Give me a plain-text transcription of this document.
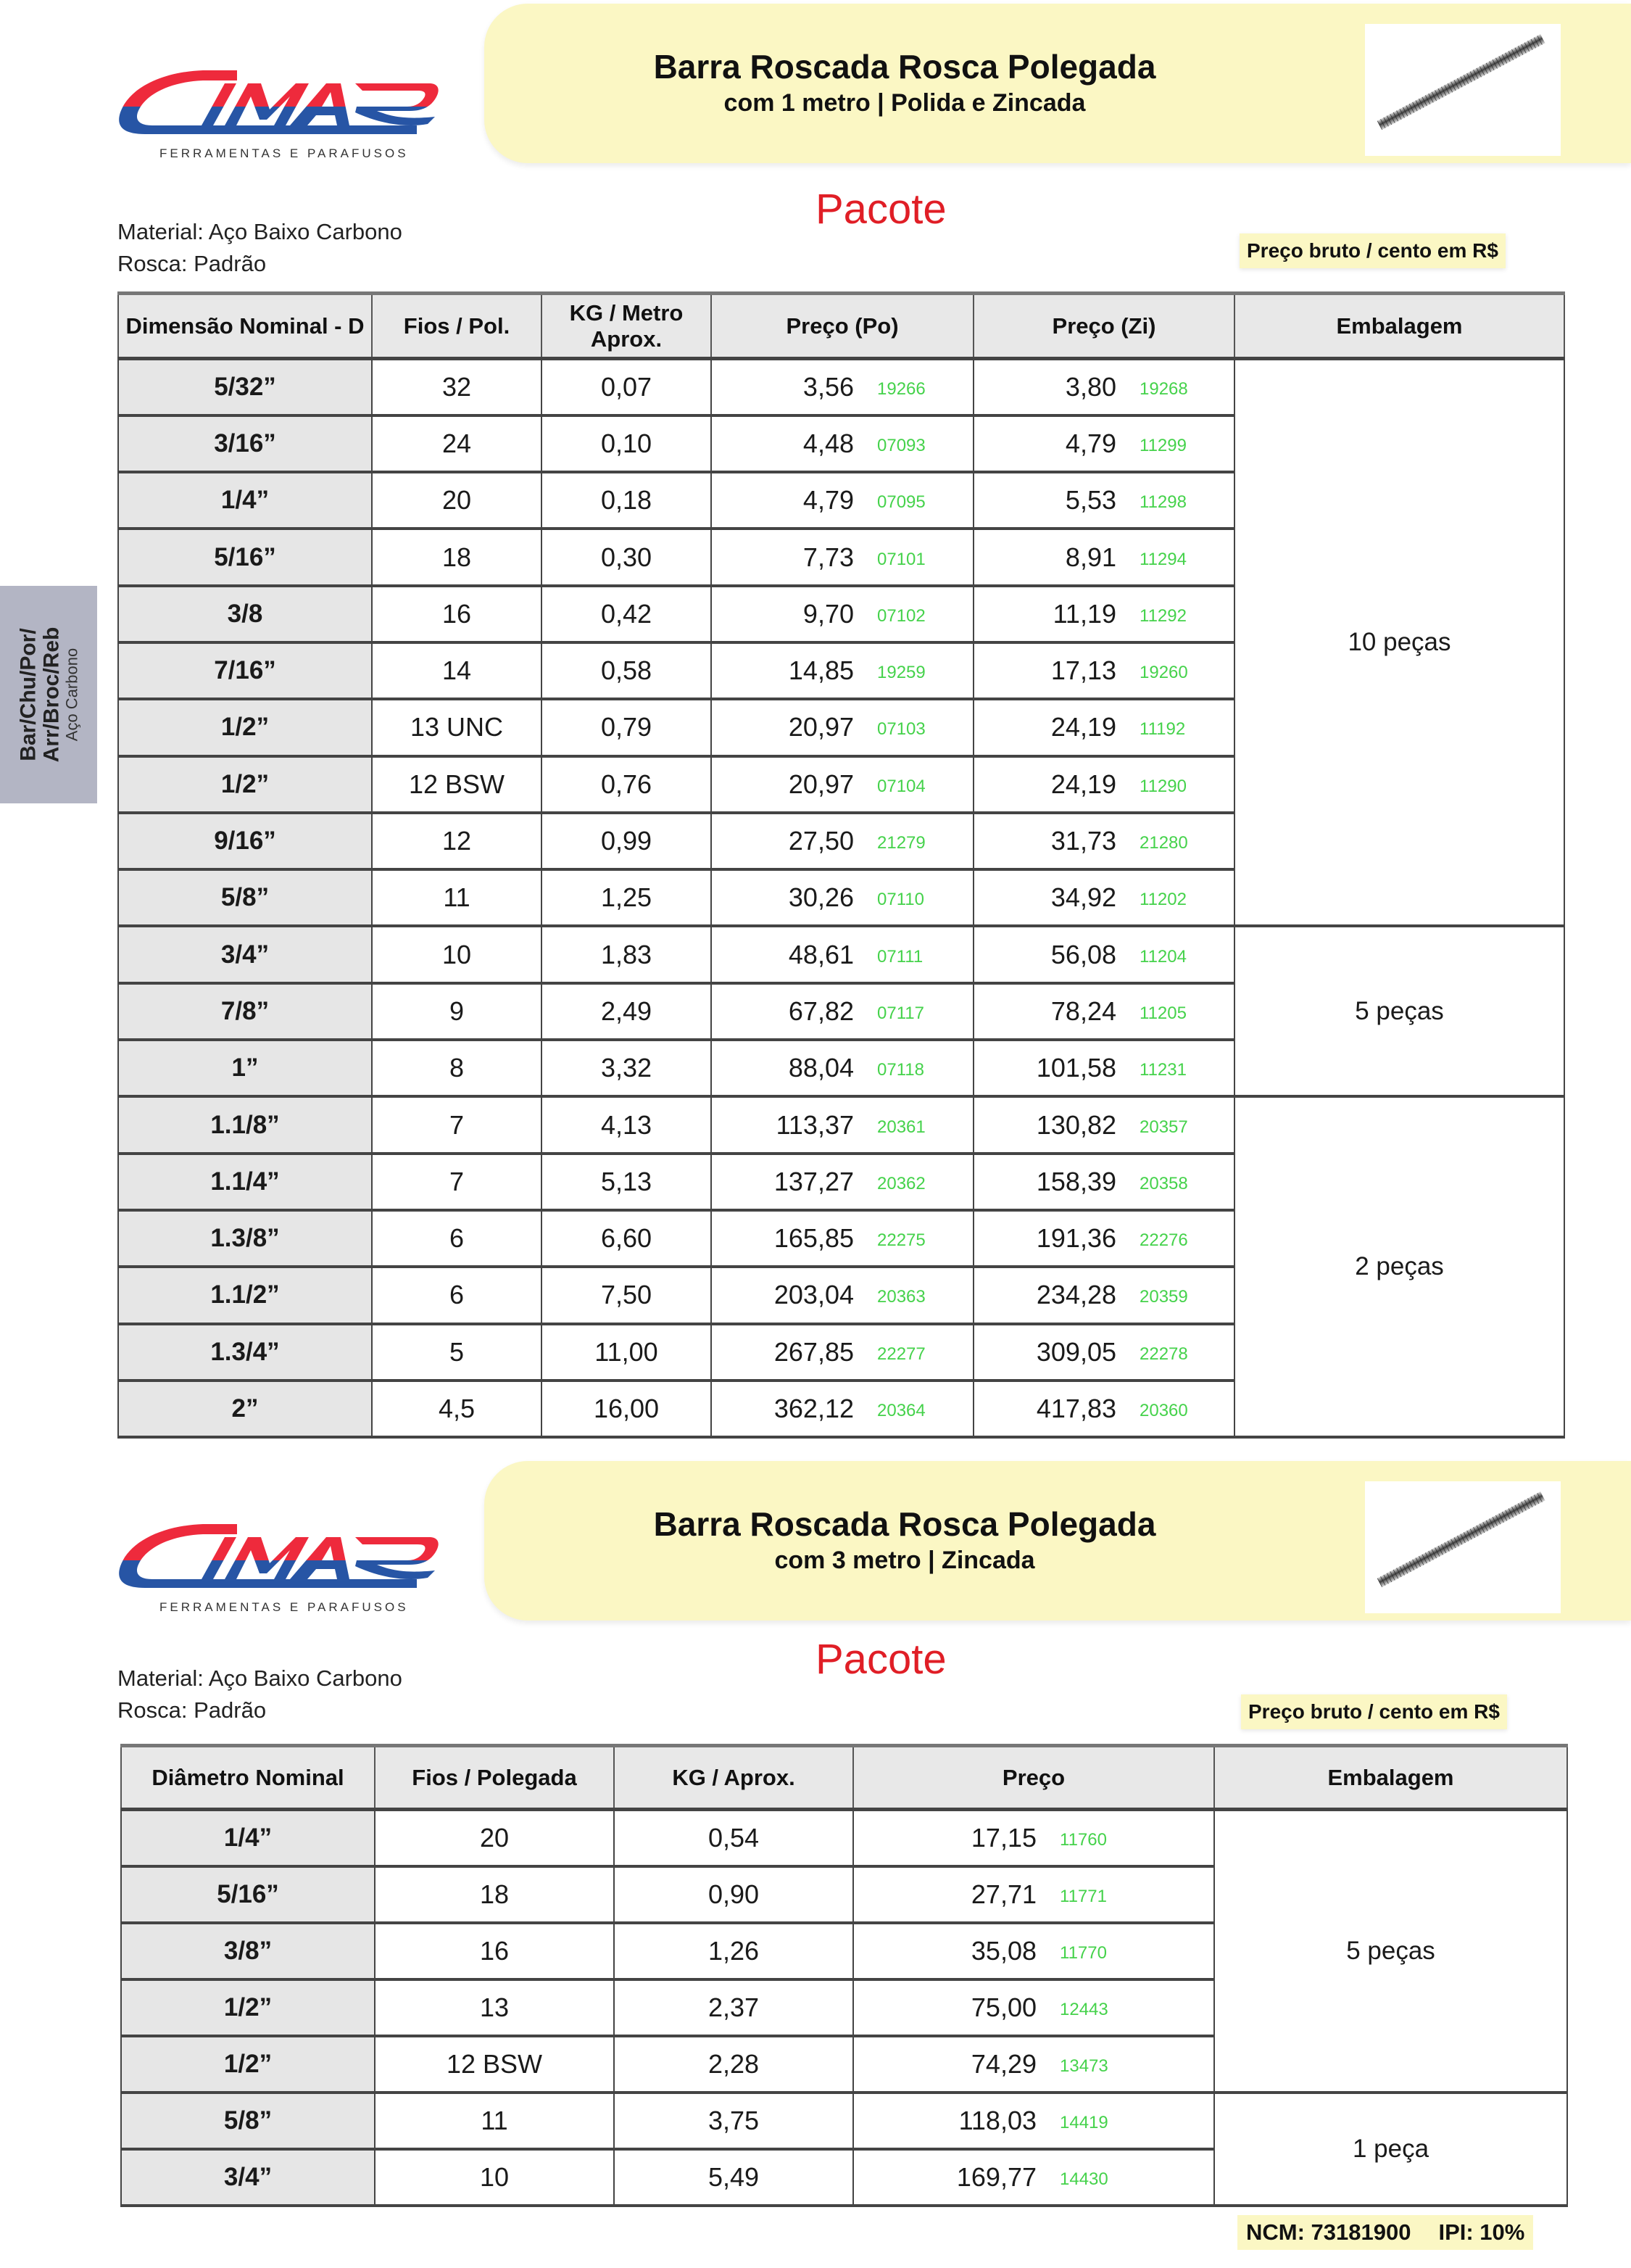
FERRAMENTAS E PARAFUSOS
Barra Roscada Rosca Polegada
com 1 metro | Polida e Zincada
Pacote
Material: Aço Baixo Carbono
Rosca: Padrão
Preço bruto / cento em R$
Dimensão Nominal - D	Fios / Pol.	KG / Metro Aprox.	Preço (Po)	Preço (Zi)	Embalagem
5/32”	32	0,07	3,56 19266	3,80 19268	10 peças
3/16”	24	0,10	4,48 07093	4,79 11299	
1/4”	20	0,18	4,79 07095	5,53 11298	
5/16”	18	0,30	7,73 07101	8,91 11294	
3/8	16	0,42	9,70 07102	11,19 11292	
7/16”	14	0,58	14,85 19259	17,13 19260	
1/2”	13 UNC	0,79	20,97 07103	24,19 11192	
1/2”	12 BSW	0,76	20,97 07104	24,19 11290	
9/16”	12	0,99	27,50 21279	31,73 21280	
5/8”	11	1,25	30,26 07110	34,92 11202	
3/4”	10	1,83	48,61 07111	56,08 11204	5 peças
7/8”	9	2,49	67,82 07117	78,24 11205	
1”	8	3,32	88,04 07118	101,58 11231	
1.1/8”	7	4,13	113,37 20361	130,82 20357	2 peças
1.1/4”	7	5,13	137,27 20362	158,39 20358	
1.3/8”	6	6,60	165,85 22275	191,36 22276	
1.1/2”	6	7,50	203,04 20363	234,28 20359	
1.3/4”	5	11,00	267,85 22277	309,05 22278	
2”	4,5	16,00	362,12 20364	417,83 20360	
Bar/Chu/Por/ Arr/Broc/Reb Aço Carbono
FERRAMENTAS E PARAFUSOS
Barra Roscada Rosca Polegada
com 3 metro | Zincada
Pacote
Material: Aço Baixo Carbono
Rosca: Padrão	Preço bruto / cento em R$
Diâmetro Nominal	Fios / Polegada	KG / Aprox.	Preço	Embalagem
1/4”	20	0,54	17,15 11760	5 peças
5/16”	18	0,90	27,71 11771	
3/8”	16	1,26	35,08 11770	
1/2”	13	2,37	75,00 12443	
1/2”	12 BSW	2,28	74,29 13473	
5/8”	11	3,75	118,03 14419	1 peça
3/4”	10	5,49	169,77 14430	
NCM: 73181900 IPI: 10%
